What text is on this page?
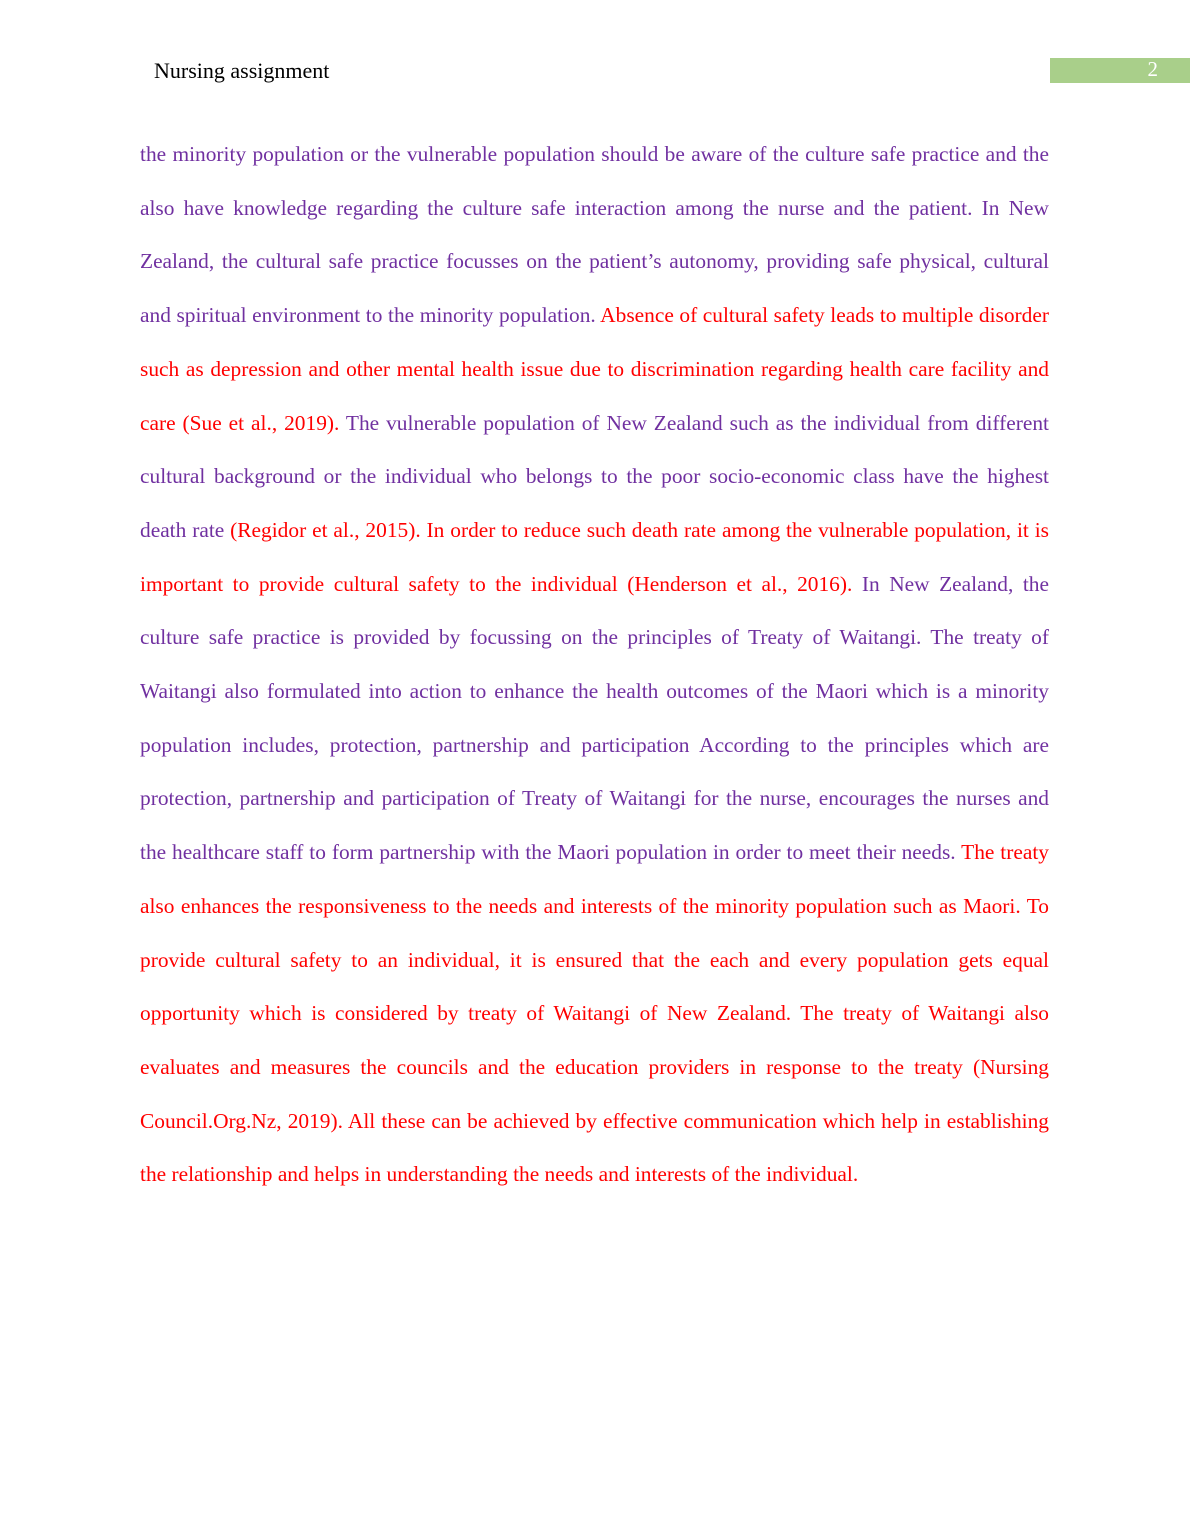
Nursing assignment	2

the minority population or the vulnerable population should be aware of the culture safe practice and the also have knowledge regarding the culture safe interaction among the nurse and the patient. In New Zealand, the cultural safe practice focusses on the patient’s autonomy, providing safe physical, cultural and spiritual environment to the minority population. Absence of cultural safety leads to multiple disorder such as depression and other mental health issue due to discrimination regarding health care facility and care (Sue et al., 2019). The vulnerable population of New Zealand such as the individual from different cultural background or the individual who belongs to the poor socio-economic class have the highest death rate (Regidor et al., 2015). In order to reduce such death rate among the vulnerable population, it is important to provide cultural safety to the individual (Henderson et al., 2016). In New Zealand, the culture safe practice is provided by focussing on the principles of Treaty of Waitangi. The treaty of Waitangi also formulated into action to enhance the health outcomes of the Maori which is a minority population includes, protection, partnership and participation According to the principles which are protection, partnership and participation of Treaty of Waitangi for the nurse, encourages the nurses and the healthcare staff to form partnership with the Maori population in order to meet their needs. The treaty also enhances the responsiveness to the needs and interests of the minority population such as Maori. To provide cultural safety to an individual, it is ensured that the each and every population gets equal opportunity which is considered by treaty of Waitangi of New Zealand. The treaty of Waitangi also evaluates and measures the councils and the education providers in response to the treaty (Nursing Council.Org.Nz, 2019). All these can be achieved by effective communication which help in establishing the relationship and helps in understanding the needs and interests of the individual.
